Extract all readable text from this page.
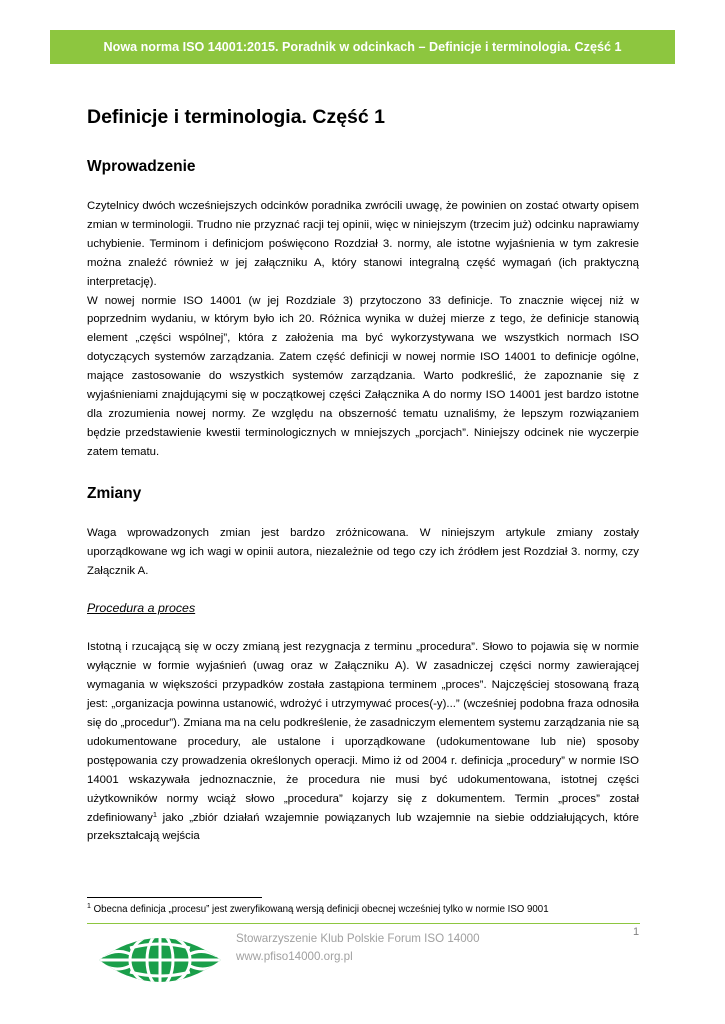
Nowa norma ISO 14001:2015. Poradnik w odcinkach – Definicje i terminologia. Część 1
Definicje i terminologia. Część 1
Wprowadzenie

Czytelnicy dwóch wcześniejszych odcinków poradnika zwrócili uwagę, że powinien on zostać otwarty opisem zmian w terminologii. Trudno nie przyznać racji tej opinii, więc w niniejszym (trzecim już) odcinku naprawiamy uchybienie. Terminom i definicjom poświęcono Rozdział 3. normy, ale istotne wyjaśnienia w tym zakresie można znaleźć również w jej załączniku A, który stanowi integralną część wymagań (ich praktyczną interpretację).

W nowej normie ISO 14001 (w jej Rozdziale 3) przytoczono 33 definicje. To znacznie więcej niż w poprzednim wydaniu, w którym było ich 20. Różnica wynika w dużej mierze z tego, że definicje stanowią element „części wspólnej”, która z założenia ma być wykorzystywana we wszystkich normach ISO dotyczących systemów zarządzania. Zatem część definicji w nowej normie ISO 14001 to definicje ogólne, mające zastosowanie do wszystkich systemów zarządzania. Warto podkreślić, że zapoznanie się z wyjaśnieniami znajdującymi się w początkowej części Załącznika A do normy ISO 14001 jest bardzo istotne dla zrozumienia nowej normy. Ze względu na obszerność tematu uznaliśmy, że lepszym rozwiązaniem będzie przedstawienie kwestii terminologicznych w mniejszych „porcjach”. Niniejszy odcinek nie wyczerpie zatem tematu.

Zmiany

Waga wprowadzonych zmian jest bardzo zróżnicowana. W niniejszym artykule zmiany zostały uporządkowane wg ich wagi w opinii autora, niezależnie od tego czy ich źródłem jest Rozdział 3. normy, czy Załącznik A.

Procedura a proces

Istotną i rzucającą się w oczy zmianą jest rezygnacja z terminu „procedura”. Słowo to pojawia się w normie wyłącznie w formie wyjaśnień (uwag oraz w Załączniku A). W zasadniczej części normy zawierającej wymagania w większości przypadków została zastąpiona terminem „proces”. Najczęściej stosowaną frazą jest: „organizacja powinna ustanowić, wdrożyć i utrzymywać proces(-y)...” (wcześniej podobna fraza odnosiła się do „procedur”). Zmiana ma na celu podkreślenie, że zasadniczym elementem systemu zarządzania nie są udokumentowane procedury, ale ustalone i uporządkowane (udokumentowane lub nie) sposoby postępowania czy prowadzenia określonych operacji. Mimo iż od 2004 r. definicja „procedury” w normie ISO 14001 wskazywała jednoznacznie, że procedura nie musi być udokumentowana, istotnej części użytkowników normy wciąż słowo „procedura” kojarzy się z dokumentem. Termin „proces” został zdefiniowany$^1$ jako „zbiór działań wzajemnie powiązanych lub wzajemnie na siebie oddziałujących, które przekształcają wejścia

$^1$ Obecna definicja „procesu” jest zweryfikowaną wersją definicji obecnej wcześniej tylko w normie ISO 9001
Stowarzyszenie Klub Polskie Forum ISO 14000
www.pfiso14000.org.pl
1
